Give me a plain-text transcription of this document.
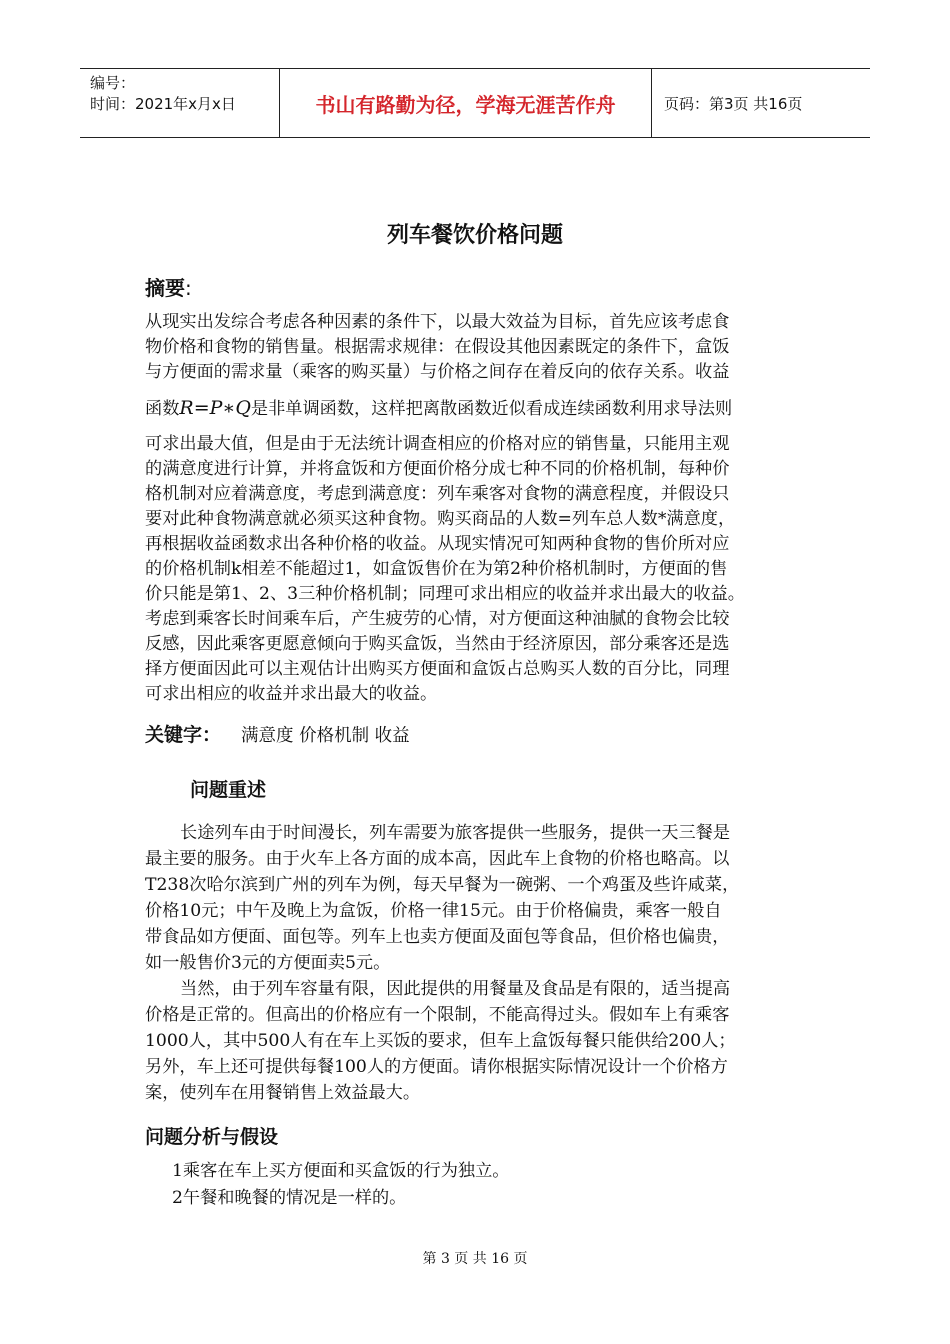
编号：
时间：2021年x月x日	书山有路勤为径，学海无涯苦作舟	页码：第3页 共16页
列车餐饮价格问题
摘要:
从现实出发综合考虑各种因素的条件下，以最大效益为目标，首先应该考虑食
物价格和食物的销售量。根据需求规律：在假设其他因素既定的条件下，盒饭
与方便面的需求量（乘客的购买量）与价格之间存在着反向的依存关系。收益
函数R=P∗Q是非单调函数，这样把离散函数近似看成连续函数利用求导法则
可求出最大值，但是由于无法统计调查相应的价格对应的销售量，只能用主观
的满意度进行计算，并将盒饭和方便面价格分成七种不同的价格机制，每种价
格机制对应着满意度，考虑到满意度：列车乘客对食物的满意程度，并假设只
要对此种食物满意就必须买这种食物。购买商品的人数=列车总人数*满意度，
再根据收益函数求出各种价格的收益。从现实情况可知两种食物的售价所对应
的价格机制k相差不能超过1，如盒饭售价在为第2种价格机制时，方便面的售
价只能是第1、2、3三种价格机制；同理可求出相应的收益并求出最大的收益。
考虑到乘客长时间乘车后，产生疲劳的心情，对方便面这种油腻的食物会比较
反感，因此乘客更愿意倾向于购买盒饭，当然由于经济原因，部分乘客还是选
择方便面因此可以主观估计出购买方便面和盒饭占总购买人数的百分比，同理
可求出相应的收益并求出最大的收益。
关键字： 满意度 价格机制 收益
问题重述
长途列车由于时间漫长，列车需要为旅客提供一些服务，提供一天三餐是
最主要的服务。由于火车上各方面的成本高，因此车上食物的价格也略高。以
T238次哈尔滨到广州的列车为例，每天早餐为一碗粥、一个鸡蛋及些许咸菜，
价格10元；中午及晚上为盒饭，价格一律15元。由于价格偏贵，乘客一般自
带食品如方便面、面包等。列车上也卖方便面及面包等食品，但价格也偏贵，
如一般售价3元的方便面卖5元。
当然，由于列车容量有限，因此提供的用餐量及食品是有限的，适当提高
价格是正常的。但高出的价格应有一个限制，不能高得过头。假如车上有乘客
1000人，其中500人有在车上买饭的要求，但车上盒饭每餐只能供给200人；
另外，车上还可提供每餐100人的方便面。请你根据实际情况设计一个价格方
案，使列车在用餐销售上效益最大。
问题分析与假设
1乘客在车上买方便面和买盒饭的行为独立。
2午餐和晚餐的情况是一样的。
第 3 页 共 16 页
